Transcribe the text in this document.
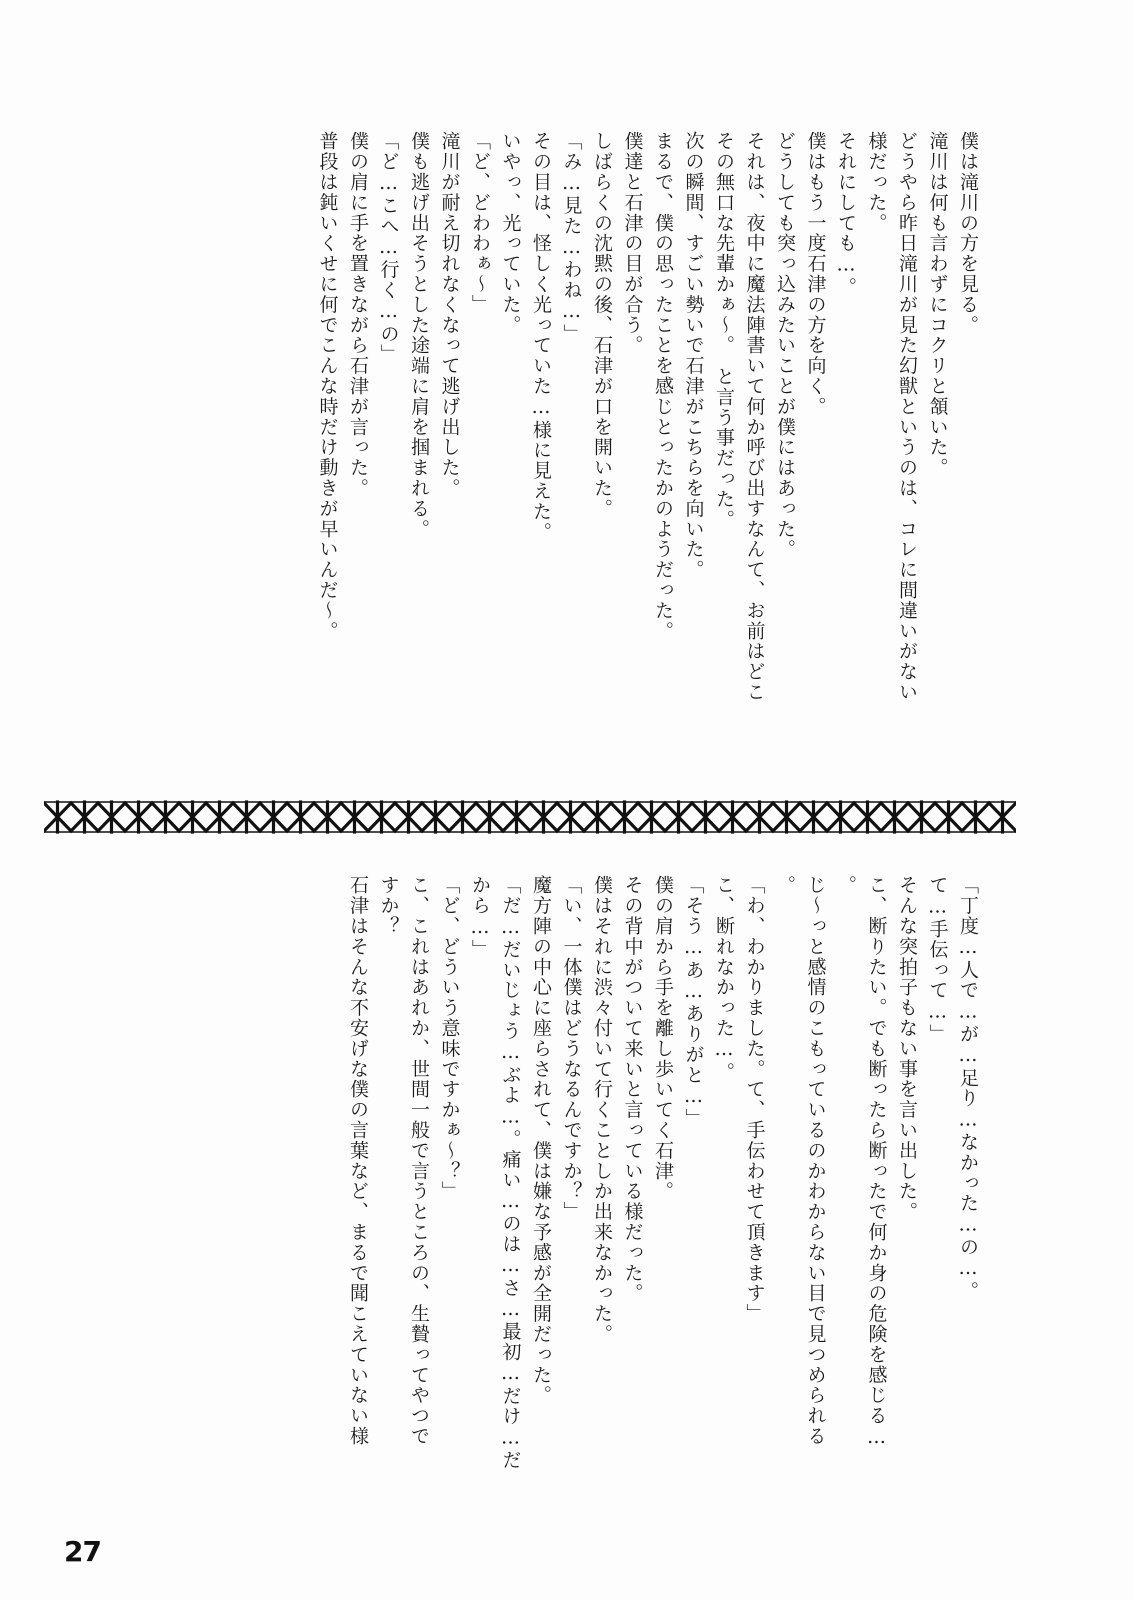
僕は滝川の方を見る。

滝川は何も言わずにコクリと頷いた。

どうやら昨日滝川が見た幻獣というのは、コレに間違いがない

様だった。

それにしても…。

僕はもう一度石津の方を向く。

どうしても突っ込みたいことが僕にはあった。

それは、夜中に魔法陣書いて何か呼び出すなんて、お前はどこ

その無口な先輩かぁ〜。　と言う事だった。

次の瞬間、すごい勢いで石津がこちらを向いた。

まるで、僕の思ったことを感じとったかのようだった。

僕達と石津の目が合う。

しばらくの沈黙の後、石津が口を開いた。

「み…見た…わね…」

その目は、怪しく光っていた…様に見えた。

いやっ、光っていた。

「ど、どわわぁ〜」

滝川が耐え切れなくなって逃げ出した。

僕も逃げ出そうとした途端に肩を掴まれる。

「ど…こへ…行く…の」

僕の肩に手を置きながら石津が言った。

普段は鈍いくせに何でこんな時だけ動きが早いんだ〜。

「丁度…人で…が…足り…なかった…の…。

て…手伝って…」

そんな突拍子もない事を言い出した。

こ、断りたい。でも断ったら断ったで何か身の危険を感じる…

。

じ〜っと感情のこもっているのかわからない目で見つめられる

。

「わ、わかりました。て、手伝わせて頂きます」

こ、断れなかった…。

「そう…あ…ありがと…」

僕の肩から手を離し歩いてく石津。

その背中がついて来いと言っている様だった。

僕はそれに渋々付いて行くことしか出来なかった。

「い、一体僕はどうなるんですか？」

魔方陣の中心に座らされて、僕は嫌な予感が全開だった。

「だ…だいじょう…ぶよ…。痛い…のは…さ…最初…だけ…だ

から…」

「ど、どういう意味ですかぁ〜？」

こ、これはあれか、世間一般で言うところの、生贄ってやつで

すか？

石津はそんな不安げな僕の言葉など、まるで聞こえていない様

27
